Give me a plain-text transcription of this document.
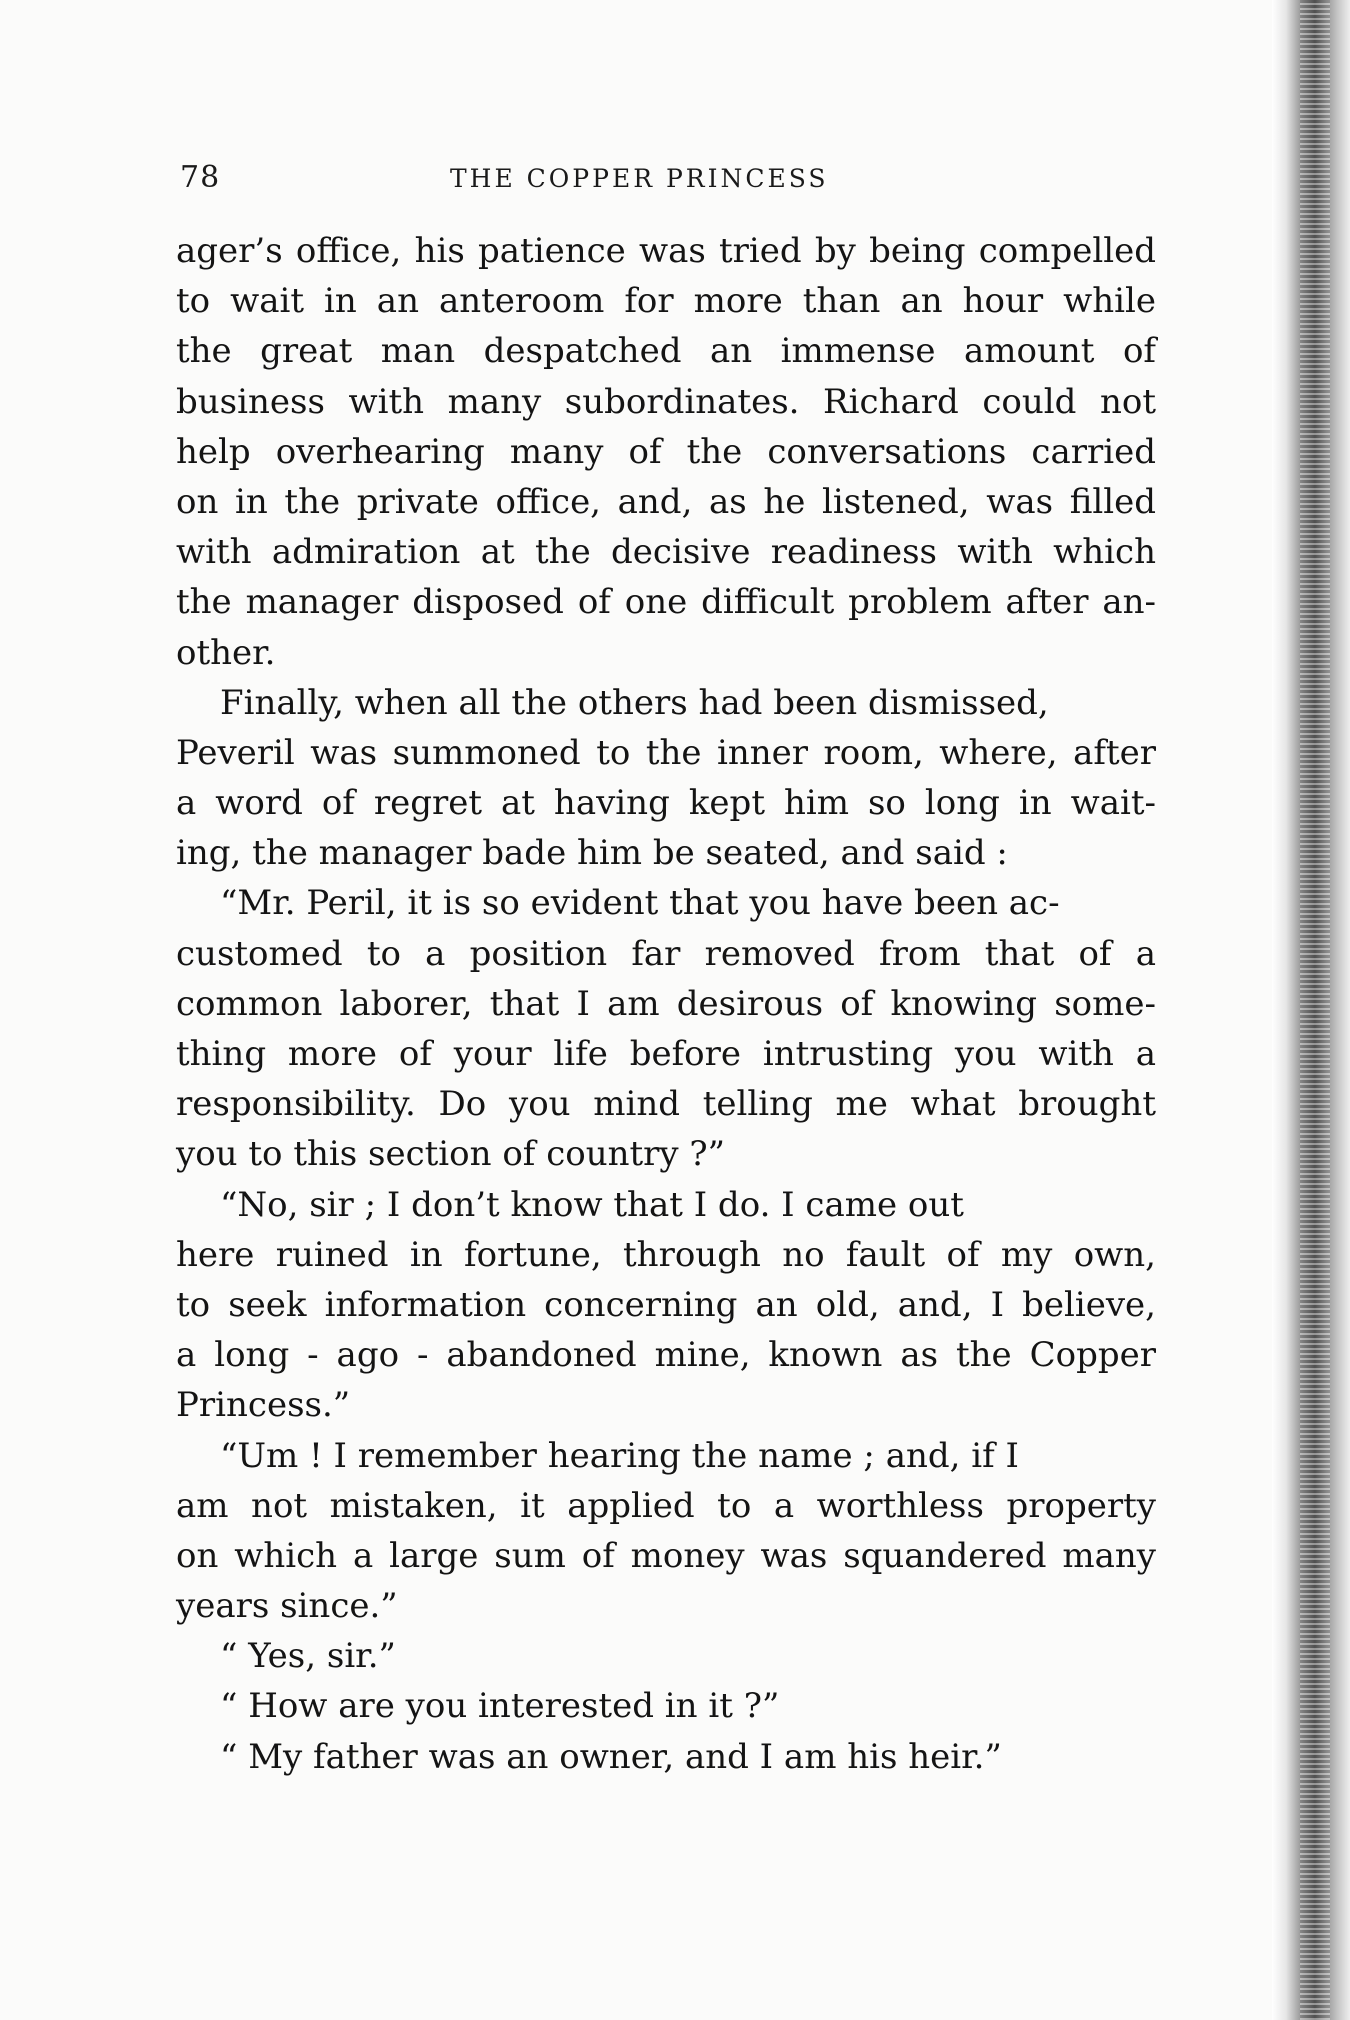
78	THE COPPER PRINCESS
ager’s office, his patience was tried by being compelled
to wait in an anteroom for more than an hour while
the great man despatched an immense amount of
business with many subordinates. Richard could not
help overhearing many of the conversations carried
on in the private office, and, as he listened, was filled
with admiration at the decisive readiness with which
the manager disposed of one difficult problem after an-
other.
Finally, when all the others had been dismissed,
Peveril was summoned to the inner room, where, after
a word of regret at having kept him so long in wait-
ing, the manager bade him be seated, and said :
“Mr. Peril, it is so evident that you have been ac-
customed to a position far removed from that of a
common laborer, that I am desirous of knowing some-
thing more of your life before intrusting you with a
responsibility. Do you mind telling me what brought
you to this section of country ?”
“No, sir ; I don’t know that I do. I came out
here ruined in fortune, through no fault of my own,
to seek information concerning an old, and, I believe,
a long - ago - abandoned mine, known as the Copper
Princess.”
“Um ! I remember hearing the name ; and, if I
am not mistaken, it applied to a worthless property
on which a large sum of money was squandered many
years since.”
“ Yes, sir.”
“ How are you interested in it ?”
“ My father was an owner, and I am his heir.”
